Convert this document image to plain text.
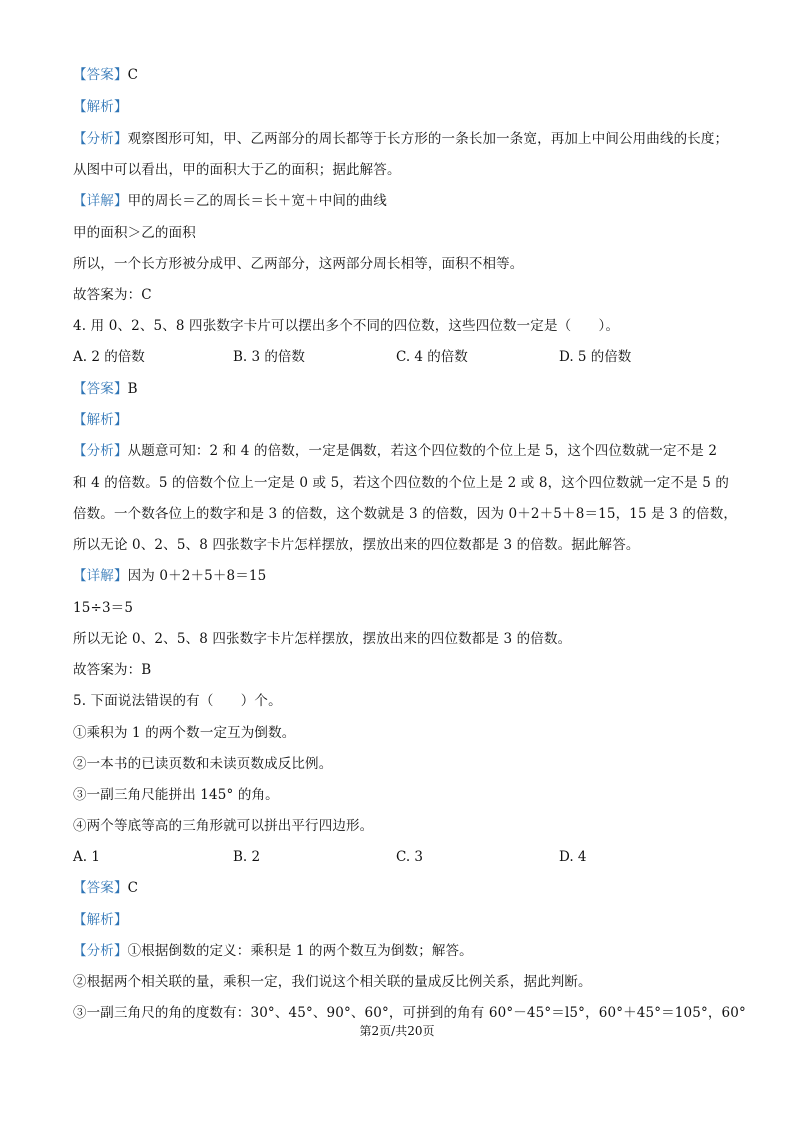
【答案】C
【解析】
【分析】观察图形可知，甲、乙两部分的周长都等于长方形的一条长加一条宽，再加上中间公用曲线的长度；
从图中可以看出，甲的面积大于乙的面积；据此解答。
【详解】甲的周长＝乙的周长＝长＋宽＋中间的曲线
甲的面积＞乙的面积
所以，一个长方形被分成甲、乙两部分，这两部分周长相等，面积不相等。
故答案为：C
4. 用 0、2、5、8 四张数字卡片可以摆出多个不同的四位数，这些四位数一定是（　　）。
A. 2 的倍数	B. 3 的倍数	C. 4 的倍数	D. 5 的倍数
【答案】B
【解析】
【分析】从题意可知：2 和 4 的倍数，一定是偶数，若这个四位数的个位上是 5，这个四位数就一定不是 2
和 4 的倍数。5 的倍数个位上一定是 0 或 5，若这个四位数的个位上是 2 或 8，这个四位数就一定不是 5 的
倍数。一个数各位上的数字和是 3 的倍数，这个数就是 3 的倍数，因为 0＋2＋5＋8＝15，15 是 3 的倍数，
所以无论 0、2、5、8 四张数字卡片怎样摆放，摆放出来的四位数都是 3 的倍数。据此解答。
【详解】因为 0＋2＋5＋8＝15
15÷3＝5
所以无论 0、2、5、8 四张数字卡片怎样摆放，摆放出来的四位数都是 3 的倍数。
故答案为：B
5. 下面说法错误的有（　　）个。
①乘积为 1 的两个数一定互为倒数。
②一本书的已读页数和未读页数成反比例。
③一副三角尺能拼出 145° 的角。
④两个等底等高的三角形就可以拼出平行四边形。
A. 1	B. 2	C. 3	D. 4
【答案】C
【解析】
【分析】①根据倒数的定义：乘积是 1 的两个数互为倒数；解答。
②根据两个相关联的量，乘积一定，我们说这个相关联的量成反比例关系，据此判断。
③一副三角尺的角的度数有：30°、45°、90°、60°，可拼到的角有 60°－45°＝l5°，60°＋45°＝105°，60°
第2页/共20页
